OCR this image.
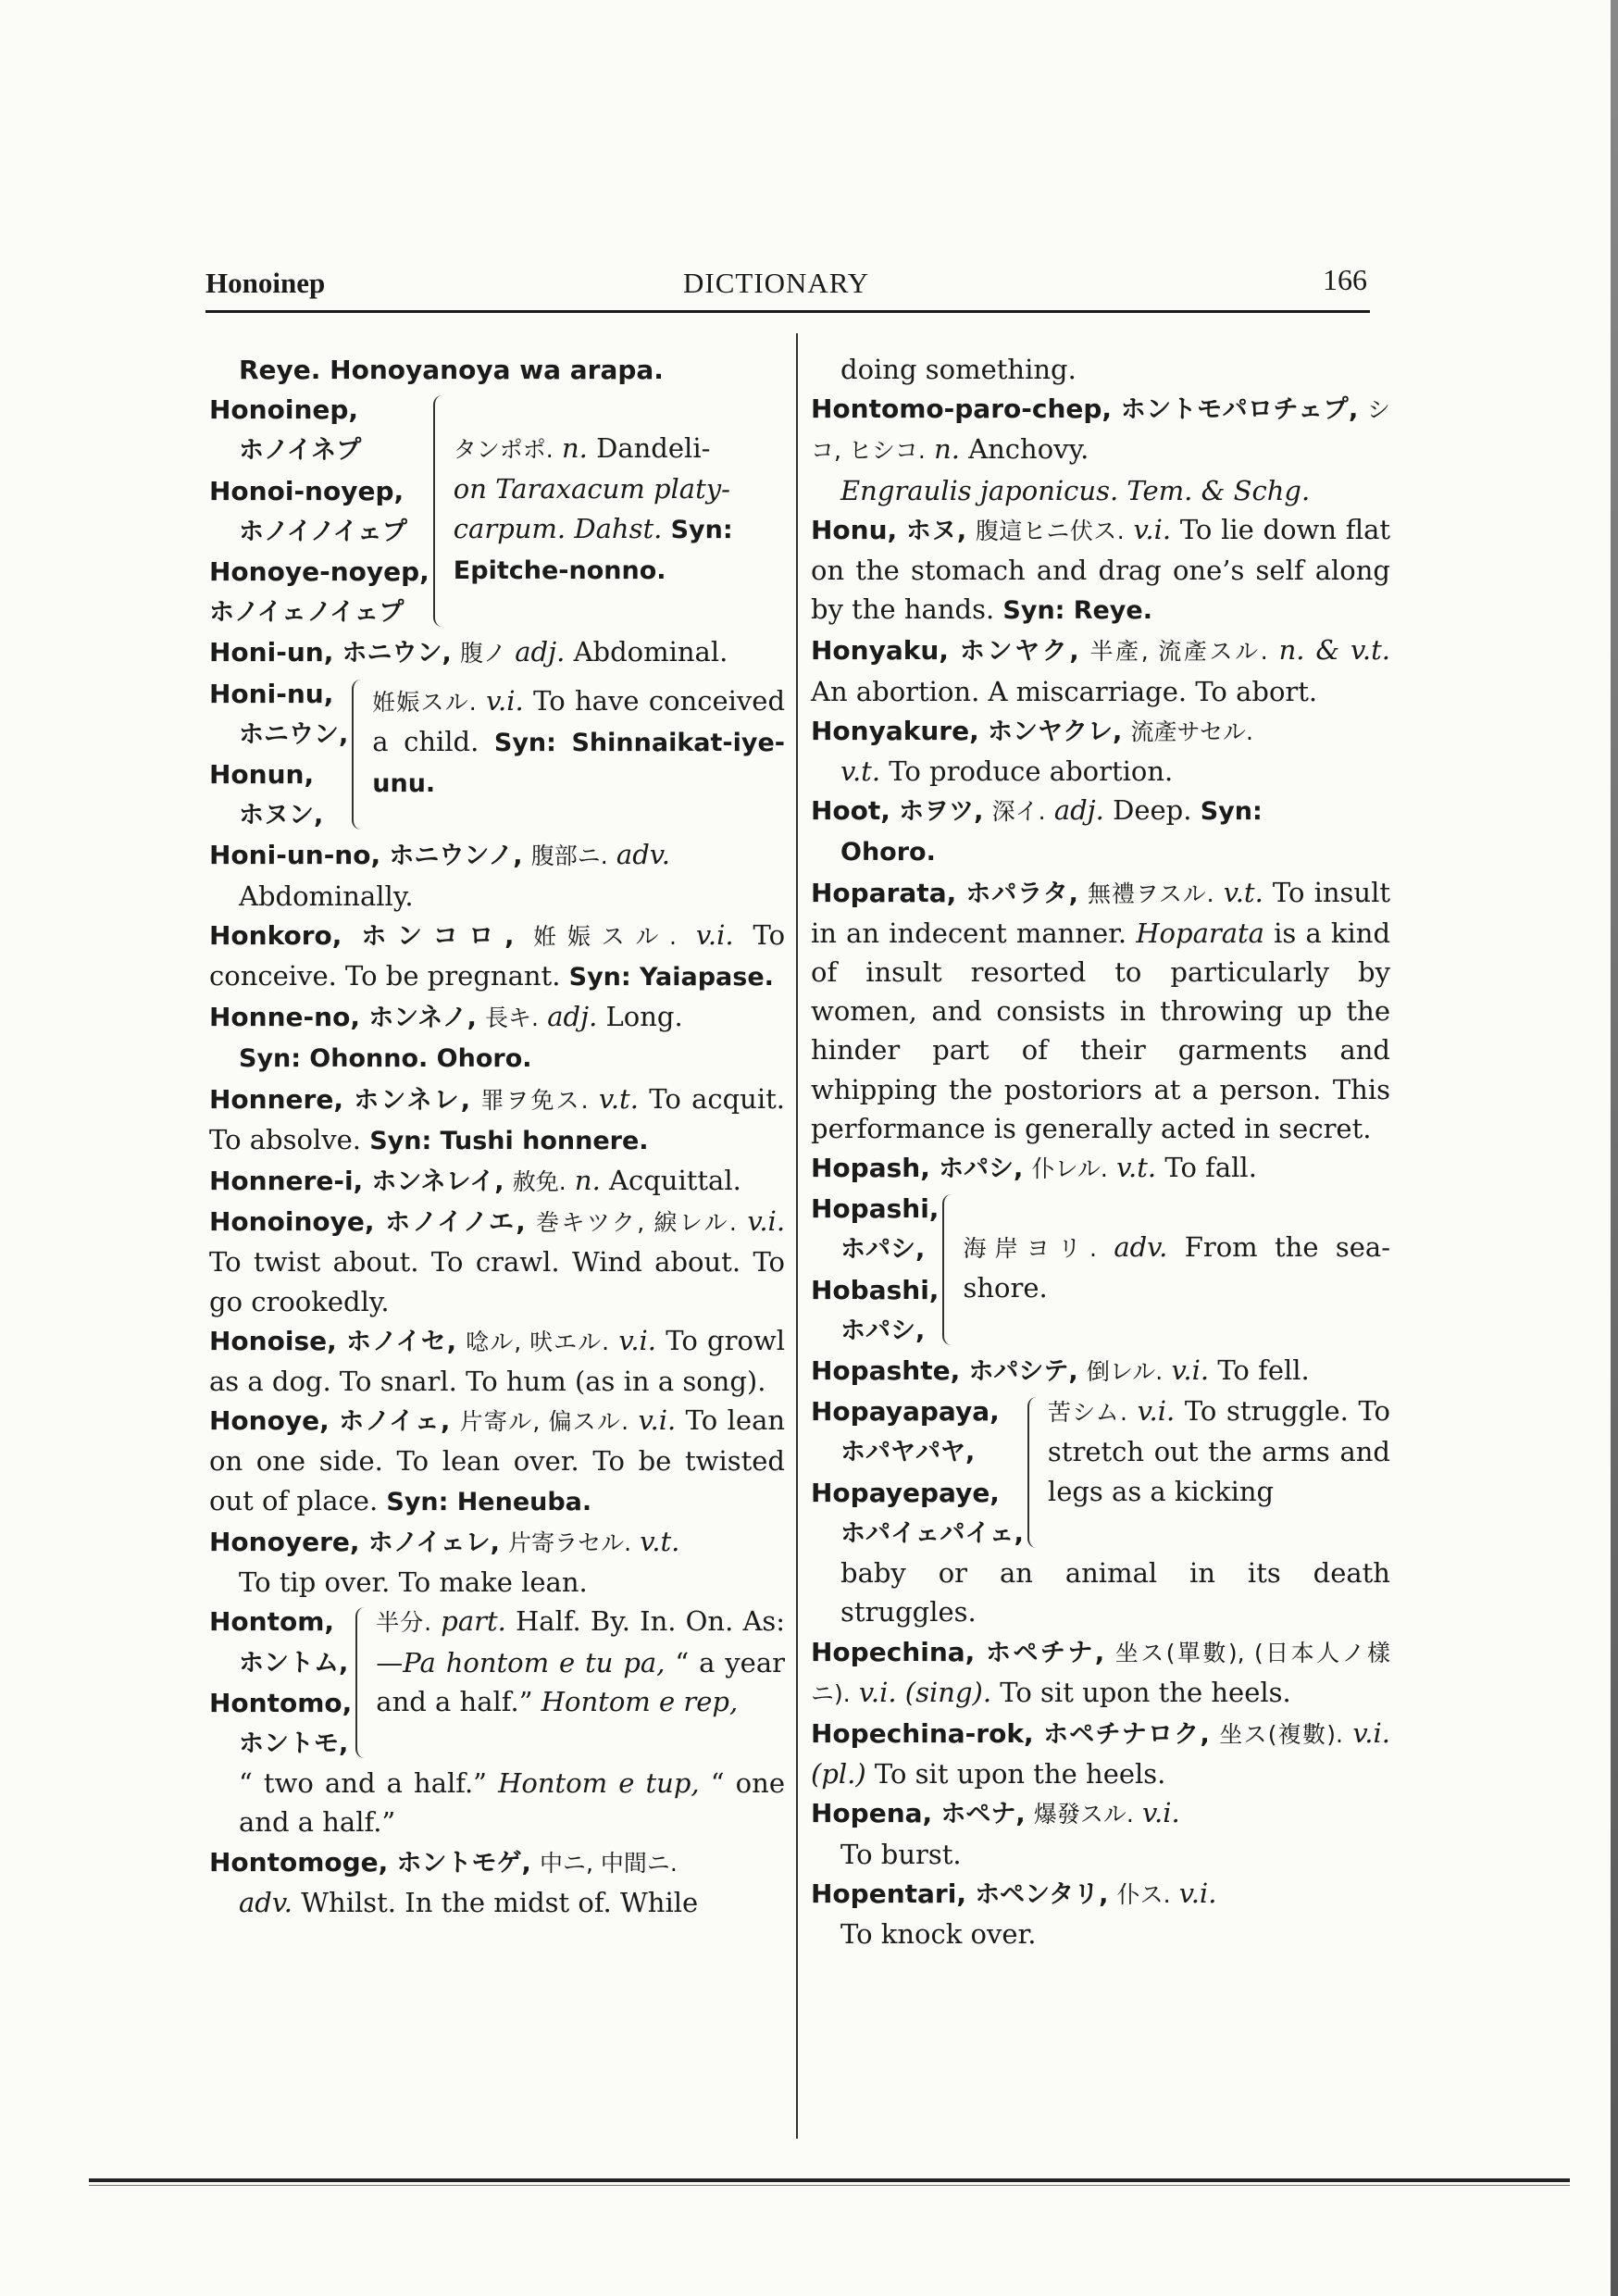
Honoinep	DICTIONARY	166
Reye. Honoyanoya wa arapa.
Honoinep,
ホノイネプ
Honoi-noyep,
ホノイノイェプ
Honoye-noyep,
ホノイェノイェプ
タンポポ. n. Dandeli-
on Taraxacum platy-
carpum. Dahst. Syn:
Epitche-nonno.
Honi-un, ホニウン, 腹ノ adj. Abdominal.
Honi-nu,
ホニウン,
Honun,
ホヌン,
姙娠スル. v.i. To have conceived a child. Syn: Shinnaikat-iye-unu.
Honi-un-no, ホニウンノ, 腹部ニ. adv.
Abdominally.
Honkoro, ホンコロ, 姙娠スル. v.i. To conceive. To be pregnant. Syn: Yaiapase.
Honne-no, ホンネノ, 長キ. adj. Long.
Syn: Ohonno. Ohoro.
Honnere, ホンネレ, 罪ヲ免ス. v.t. To acquit. To absolve. Syn: Tushi honnere.
Honnere-i, ホンネレイ, 赦免. n. Acquittal.
Honoinoye, ホノイノエ, 巻キツク, 綟レル. v.i. To twist about. To crawl. Wind about. To go crookedly.
Honoise, ホノイセ, 唸ル, 吠エル. v.i. To growl as a dog. To snarl. To hum (as in a song).
Honoye, ホノイェ, 片寄ル, 偏スル. v.i. To lean on one side. To lean over. To be twisted out of place. Syn: Heneuba.
Honoyere, ホノイェレ, 片寄ラセル. v.t.
To tip over. To make lean.
Hontom,
ホントム,
Hontomo,
ホントモ,
半分. part. Half. By. In. On. As:—Pa hontom e tu pa, “ a year and a half.” Hontom e rep,
“ two and a half.” Hontom e tup, “ one and a half.”
Hontomoge, ホントモゲ, 中ニ, 中間ニ.
adv. Whilst. In the midst of. While
doing something.
Hontomo-paro-chep, ホントモパロチェプ, シコ, ヒシコ. n. Anchovy.
Engraulis japonicus. Tem. & Schg.
Honu, ホヌ, 腹這ヒニ伏ス. v.i. To lie down flat on the stomach and drag one’s self along by the hands. Syn: Reye.
Honyaku, ホンヤク, 半產, 流產スル. n. & v.t. An abortion. A miscarriage. To abort.
Honyakure, ホンヤクレ, 流產サセル.
v.t. To produce abortion.
Hoot, ホヲツ, 深イ. adj. Deep. Syn:
Ohoro.
Hoparata, ホパラタ, 無禮ヲスル. v.t. To insult in an indecent manner. Hoparata is a kind of insult resorted to particularly by women, and consists in throwing up the hinder part of their garments and whipping the postoriors at a person. This performance is generally acted in secret.
Hopash, ホパシ, 仆レル. v.t. To fall.
Hopashi,
ホパシ,
Hobashi,
ホパシ,
海岸ヨリ. adv. From the sea-shore.
Hopashte, ホパシテ, 倒レル. v.i. To fell.
Hopayapaya,
ホパヤパヤ,
Hopayepaye,
ホパイェパイェ,
苦シム. v.i. To struggle. To stretch out the arms and legs as a kicking
baby or an animal in its death struggles.
Hopechina, ホペチナ, 坐ス(單數), (日本人ノ樣ニ). v.i. (sing). To sit upon the heels.
Hopechina-rok, ホペチナロク, 坐ス(複數). v.i. (pl.) To sit upon the heels.
Hopena, ホペナ, 爆發スル. v.i.
To burst.
Hopentari, ホペンタリ, 仆ス. v.i.
To knock over.
